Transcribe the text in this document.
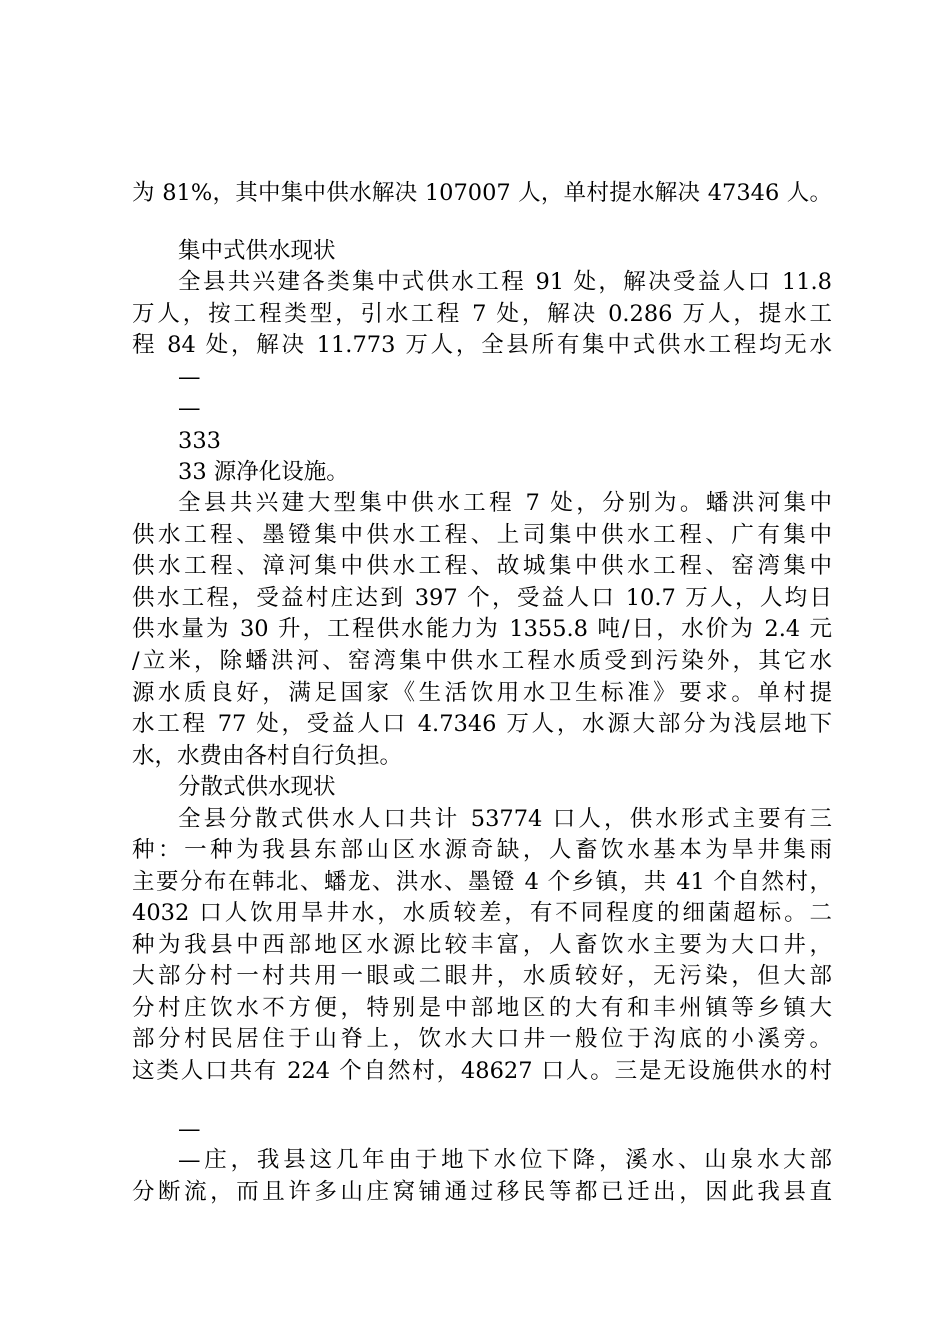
为 81%，其中集中供水解决 107007 人，单村提水解决 47346 人。
集中式供水现状
全县共兴建各类集中式供水工程 91 处，解决受益人口 11.8
万人，按工程类型，引水工程 7 处，解决 0.286 万人，提水工
程 84 处，解决 11.773 万人，全县所有集中式供水工程均无水
—
—
333
33 源净化设施。
全县共兴建大型集中供水工程 7 处，分别为。蟠洪河集中
供水工程、墨镫集中供水工程、上司集中供水工程、广有集中
供水工程、漳河集中供水工程、故城集中供水工程、窑湾集中
供水工程，受益村庄达到 397 个，受益人口 10.7 万人，人均日
供水量为 30 升，工程供水能力为 1355.8 吨/日，水价为 2.4 元
/立米，除蟠洪河、窑湾集中供水工程水质受到污染外，其它水
源水质良好，满足国家《生活饮用水卫生标准》要求。单村提
水工程 77 处，受益人口 4.7346 万人，水源大部分为浅层地下
水，水费由各村自行负担。
分散式供水现状
全县分散式供水人口共计 53774 口人，供水形式主要有三
种：一种为我县东部山区水源奇缺，人畜饮水基本为旱井集雨
主要分布在韩北、蟠龙、洪水、墨镫 4 个乡镇，共 41 个自然村，
4032 口人饮用旱井水，水质较差，有不同程度的细菌超标。二
种为我县中西部地区水源比较丰富，人畜饮水主要为大口井，
大部分村一村共用一眼或二眼井，水质较好，无污染，但大部
分村庄饮水不方便，特别是中部地区的大有和丰州镇等乡镇大
部分村民居住于山脊上，饮水大口井一般位于沟底的小溪旁。
这类人口共有 224 个自然村，48627 口人。三是无设施供水的村
—
—庄，我县这几年由于地下水位下降，溪水、山泉水大部
分断流，而且许多山庄窝铺通过移民等都已迁出，因此我县直
